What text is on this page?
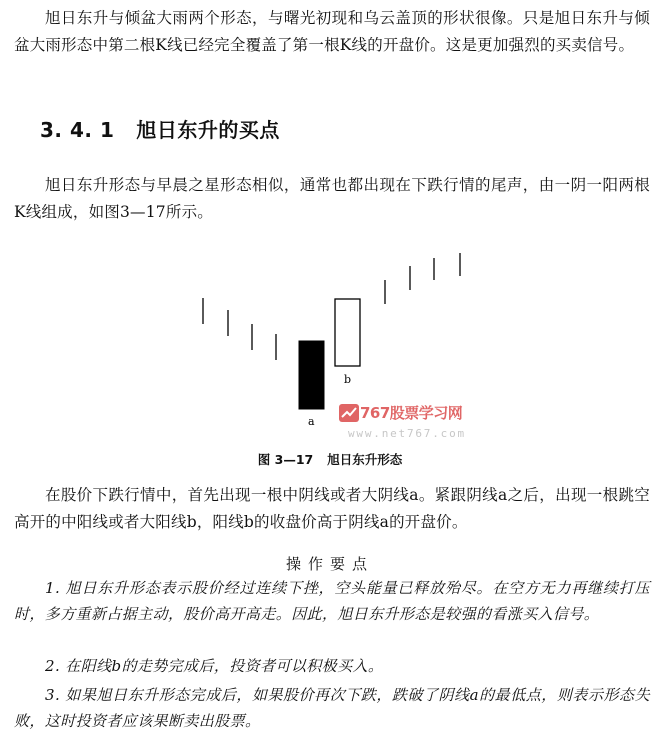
旭日东升与倾盆大雨两个形态，与曙光初现和乌云盖顶的形状很像。只是旭日东升与倾盆大雨形态中第二根K线已经完全覆盖了第一根K线的开盘价。这是更加强烈的买卖信号。

3. 4. 1 旭日东升的买点

旭日东升形态与早晨之星形态相似，通常也都出现在下跌行情的尾声，由一阴一阳两根K线组成，如图3—17所示。

a
b
767股票学习网
www.net767.com
图 3—17 旭日东升形态

在股价下跌行情中，首先出现一根中阴线或者大阴线a。紧跟阴线a之后，出现一根跳空高开的中阳线或者大阳线b，阳线b的收盘价高于阴线a的开盘价。

操作要点

1. 旭日东升形态表示股价经过连续下挫，空头能量已释放殆尽。在空方无力再继续打压时，多方重新占据主动，股价高开高走。因此，旭日东升形态是较强的看涨买入信号。

2. 在阳线b的走势完成后，投资者可以积极买入。

3. 如果旭日东升形态完成后，如果股价再次下跌，跌破了阴线a的最低点，则表示形态失败，这时投资者应该果断卖出股票。
